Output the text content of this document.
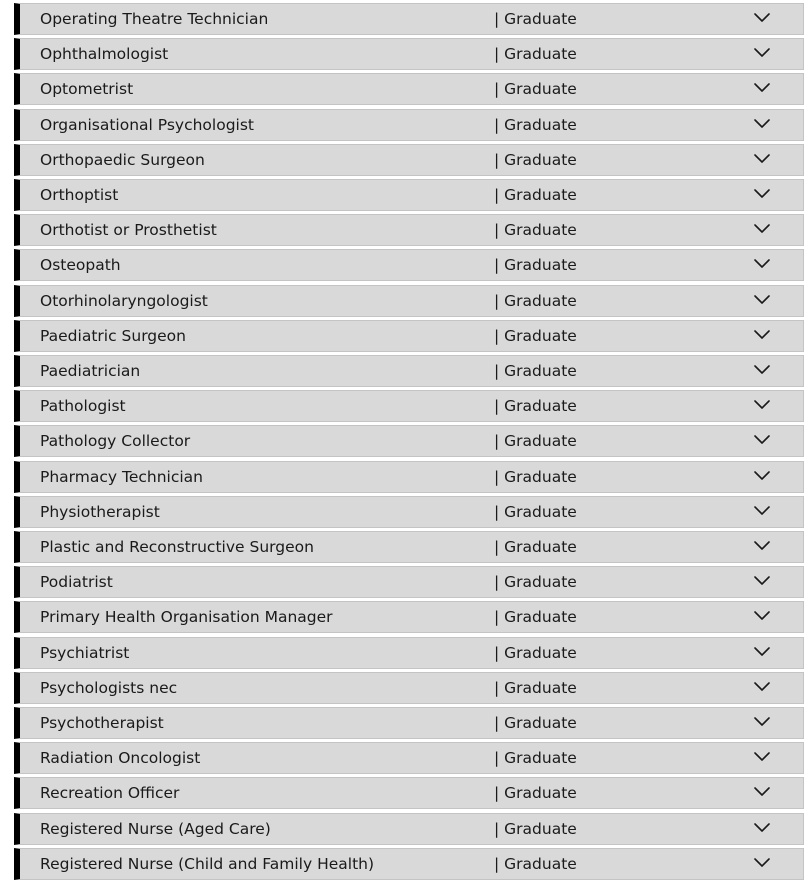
Operating Theatre Technician	| Graduate
Ophthalmologist	| Graduate
Optometrist	| Graduate
Organisational Psychologist	| Graduate
Orthopaedic Surgeon	| Graduate
Orthoptist	| Graduate
Orthotist or Prosthetist	| Graduate
Osteopath	| Graduate
Otorhinolaryngologist	| Graduate
Paediatric Surgeon	| Graduate
Paediatrician	| Graduate
Pathologist	| Graduate
Pathology Collector	| Graduate
Pharmacy Technician	| Graduate
Physiotherapist	| Graduate
Plastic and Reconstructive Surgeon	| Graduate
Podiatrist	| Graduate
Primary Health Organisation Manager	| Graduate
Psychiatrist	| Graduate
Psychologists nec	| Graduate
Psychotherapist	| Graduate
Radiation Oncologist	| Graduate
Recreation Officer	| Graduate
Registered Nurse (Aged Care)	| Graduate
Registered Nurse (Child and Family Health)	| Graduate
